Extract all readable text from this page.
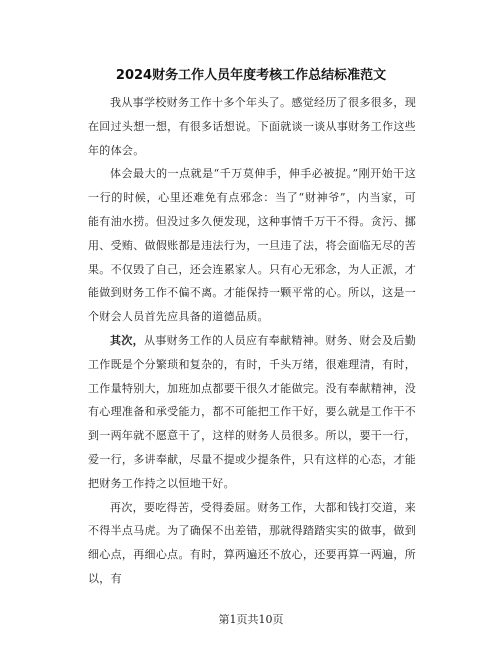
2024财务工作人员年度考核工作总结标准范文

我从事学校财务工作十多个年头了。感觉经历了很多很多，现在回过头想一想，有很多话想说。下面就谈一谈从事财务工作这些年的体会。

体会最大的一点就是“千万莫伸手，伸手必被捉。”刚开始干这一行的时候，心里还难免有点邪念：当了“财神爷”，内当家，可能有油水捞。但没过多久便发现，这种事情千万干不得。贪污、挪用、受贿、做假账都是违法行为，一旦违了法，将会面临无尽的苦果。不仅毁了自己，还会连累家人。只有心无邪念，为人正派，才能做到财务工作不偏不离。才能保持一颗平常的心。所以，这是一个财会人员首先应具备的道德品质。

其次，从事财务工作的人员应有奉献精神。财务、财会及后勤工作既是个分繁琐和复杂的，有时，千头万绪，很难理清，有时，工作量特别大，加班加点都要干很久才能做完。没有奉献精神，没有心理准备和承受能力，都不可能把工作干好，要么就是工作干不到一两年就不愿意干了，这样的财务人员很多。所以，要干一行，爱一行，多讲奉献，尽量不提或少提条件，只有这样的心态，才能把财务工作持之以恒地干好。

再次，要吃得苦，受得委屈。财务工作，大都和钱打交道，来不得半点马虎。为了确保不出差错，那就得踏踏实实的做事，做到细心点，再细心点。有时，算两遍还不放心，还要再算一两遍，所以，有

第1页共10页
